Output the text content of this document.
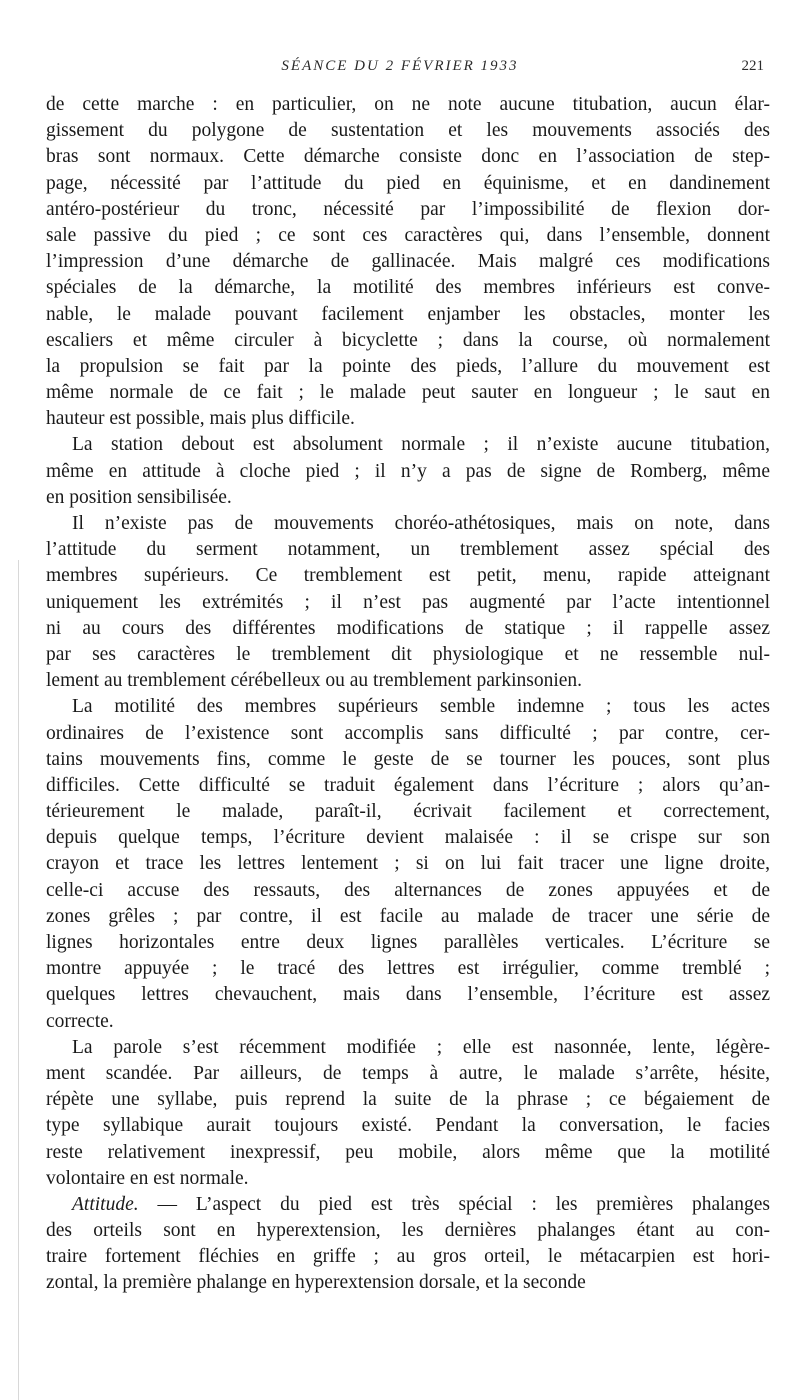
SÉANCE DU 2 FÉVRIER 1933	221
de cette marche : en particulier, on ne note aucune titubation, aucun élar-
gissement du polygone de sustentation et les mouvements associés des
bras sont normaux. Cette démarche consiste donc en l’association de step-
page, nécessité par l’attitude du pied en équinisme, et en dandinement
antéro-postérieur du tronc, nécessité par l’impossibilité de flexion dor-
sale passive du pied ; ce sont ces caractères qui, dans l’ensemble, donnent
l’impression d’une démarche de gallinacée. Mais malgré ces modifications
spéciales de la démarche, la motilité des membres inférieurs est conve-
nable, le malade pouvant facilement enjamber les obstacles, monter les
escaliers et même circuler à bicyclette ; dans la course, où normalement
la propulsion se fait par la pointe des pieds, l’allure du mouvement est
même normale de ce fait ; le malade peut sauter en longueur ; le saut en
hauteur est possible, mais plus difficile.
La station debout est absolument normale ; il n’existe aucune titubation,
même en attitude à cloche pied ; il n’y a pas de signe de Romberg, même
en position sensibilisée.
Il n’existe pas de mouvements choréo-athétosiques, mais on note, dans
l’attitude du serment notamment, un tremblement assez spécial des
membres supérieurs. Ce tremblement est petit, menu, rapide atteignant
uniquement les extrémités ; il n’est pas augmenté par l’acte intentionnel
ni au cours des différentes modifications de statique ; il rappelle assez
par ses caractères le tremblement dit physiologique et ne ressemble nul-
lement au tremblement cérébelleux ou au tremblement parkinsonien.
La motilité des membres supérieurs semble indemne ; tous les actes
ordinaires de l’existence sont accomplis sans difficulté ; par contre, cer-
tains mouvements fins, comme le geste de se tourner les pouces, sont plus
difficiles. Cette difficulté se traduit également dans l’écriture ; alors qu’an-
térieurement le malade, paraît-il, écrivait facilement et correctement,
depuis quelque temps, l’écriture devient malaisée : il se crispe sur son
crayon et trace les lettres lentement ; si on lui fait tracer une ligne droite,
celle-ci accuse des ressauts, des alternances de zones appuyées et de
zones grêles ; par contre, il est facile au malade de tracer une série de
lignes horizontales entre deux lignes parallèles verticales. L’écriture se
montre appuyée ; le tracé des lettres est irrégulier, comme tremblé ;
quelques lettres chevauchent, mais dans l’ensemble, l’écriture est assez
correcte.
La parole s’est récemment modifiée ; elle est nasonnée, lente, légère-
ment scandée. Par ailleurs, de temps à autre, le malade s’arrête, hésite,
répète une syllabe, puis reprend la suite de la phrase ; ce bégaiement de
type syllabique aurait toujours existé. Pendant la conversation, le facies
reste relativement inexpressif, peu mobile, alors même que la motilité
volontaire en est normale.
Attitude. — L’aspect du pied est très spécial : les premières phalanges
des orteils sont en hyperextension, les dernières phalanges étant au con-
traire fortement fléchies en griffe ; au gros orteil, le métacarpien est hori-
zontal, la première phalange en hyperextension dorsale, et la seconde
